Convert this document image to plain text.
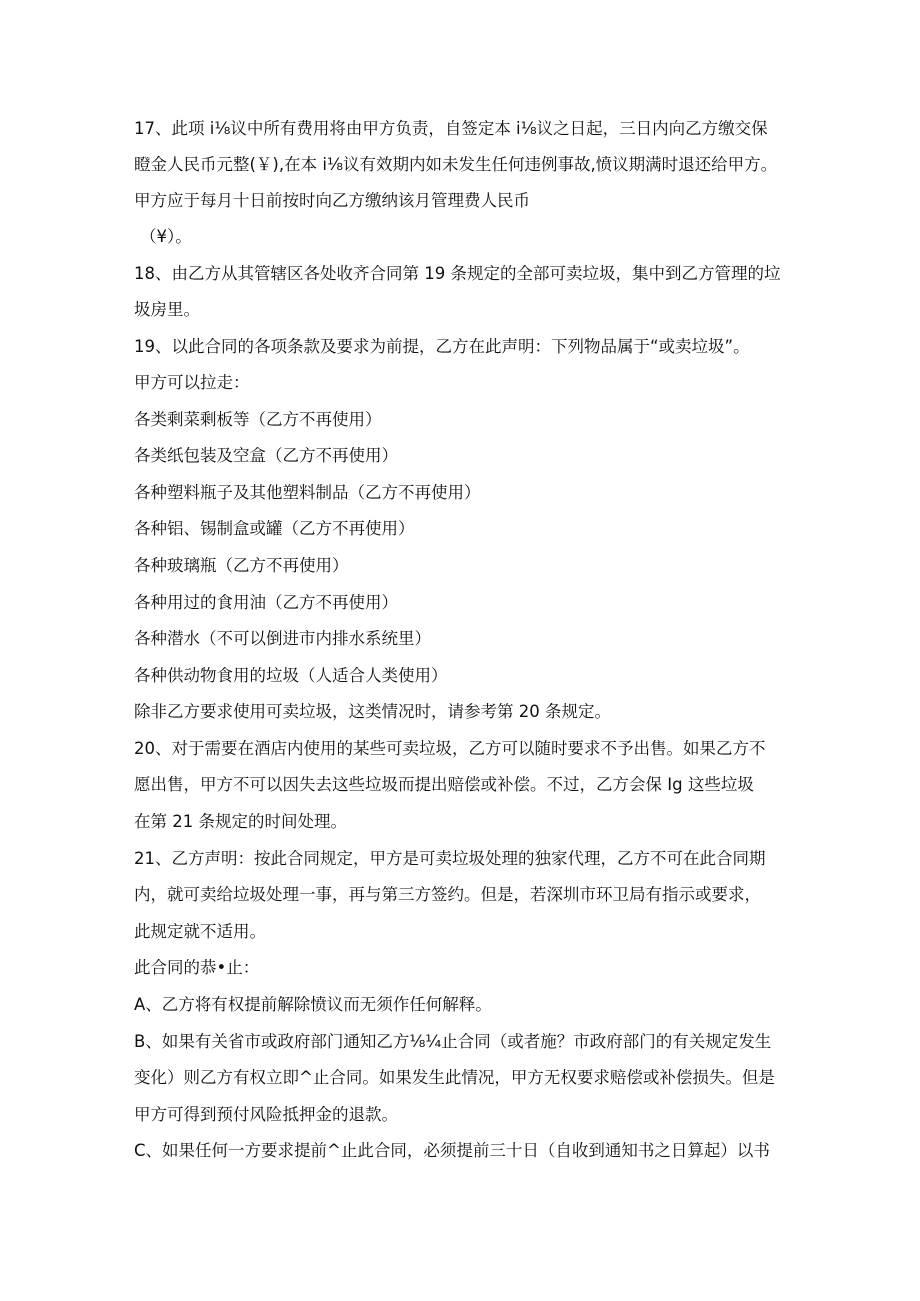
17、此项 i⅛议中所有费用将由甲方负责，自签定本 i⅛议之日起，三日内向乙方缴交保
瞪金人民币元整(￥),在本 i⅛议有效期内如未发生任何违例事故,愤议期满时退还给甲方。
甲方应于每月十日前按时向乙方缴纳该月管理费人民币
（¥）。
18、由乙方从其管辖区各处收齐合同第 19 条规定的全部可卖垃圾，集中到乙方管理的垃
圾房里。
19、以此合同的各项条款及要求为前提，乙方在此声明：下列物品属于“或卖垃圾”。
甲方可以拉走：
各类剩菜剩板等（乙方不再使用）
各类纸包装及空盒（乙方不再使用）
各种塑料瓶子及其他塑料制品（乙方不再使用）
各种铝、锡制盒或罐（乙方不再使用）
各种玻璃瓶（乙方不再使用）
各种用过的食用油（乙方不再使用）
各种潜水（不可以倒进市内排水系统里）
各种供动物食用的垃圾（人适合人类使用）
除非乙方要求使用可卖垃圾，这类情况时，请参考第 20 条规定。
20、对于需要在酒店内使用的某些可卖垃圾，乙方可以随时要求不予出售。如果乙方不
愿出售，甲方不可以因失去这些垃圾而提出赔偿或补偿。不过，乙方会保 Ig 这些垃圾
在第 21 条规定的时间处理。
21、乙方声明：按此合同规定，甲方是可卖垃圾处理的独家代理，乙方不可在此合同期
内，就可卖给垃圾处理一事，再与第三方签约。但是，若深圳市环卫局有指示或要求，
此规定就不适用。
此合同的恭•止：
A、乙方将有权提前解除愤议而无须作任何解释。
B、如果有关省市或政府部门通知乙方⅛¼止合同（或者施？市政府部门的有关规定发生
变化）则乙方有权立即^止合同。如果发生此情况，甲方无权要求赔偿或补偿损失。但是
甲方可得到预付风险抵押金的退款。
C、如果任何一方要求提前^止此合同，必须提前三十日（自收到通知书之日算起）以书
